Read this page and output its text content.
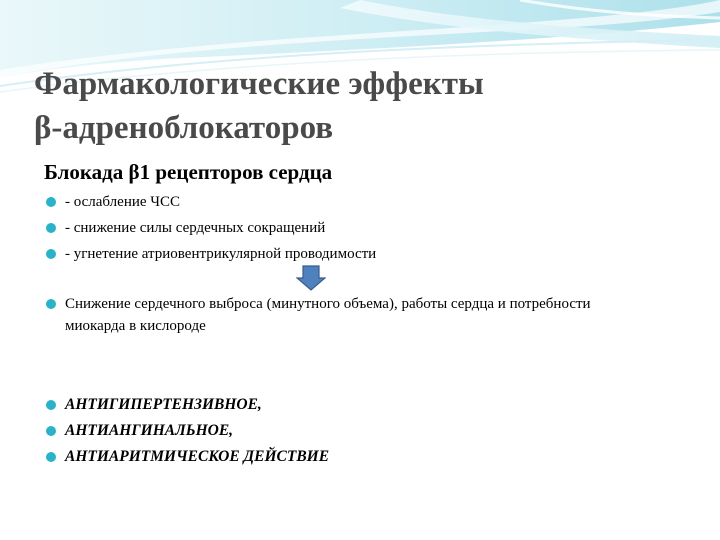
Фармакологические эффекты
β-адреноблокаторов

Блокада β1 рецепторов сердца

- ослабление ЧСС
- снижение силы сердечных сокращений
- угнетение атриовентрикулярной проводимости
Снижение сердечного выброса (минутного объема), работы сердца и потребности миокарда в кислороде
АНТИГИПЕРТЕНЗИВНОЕ,
АНТИАНГИНАЛЬНОЕ,
АНТИАРИТМИЧЕСКОЕ ДЕЙСТВИЕ
